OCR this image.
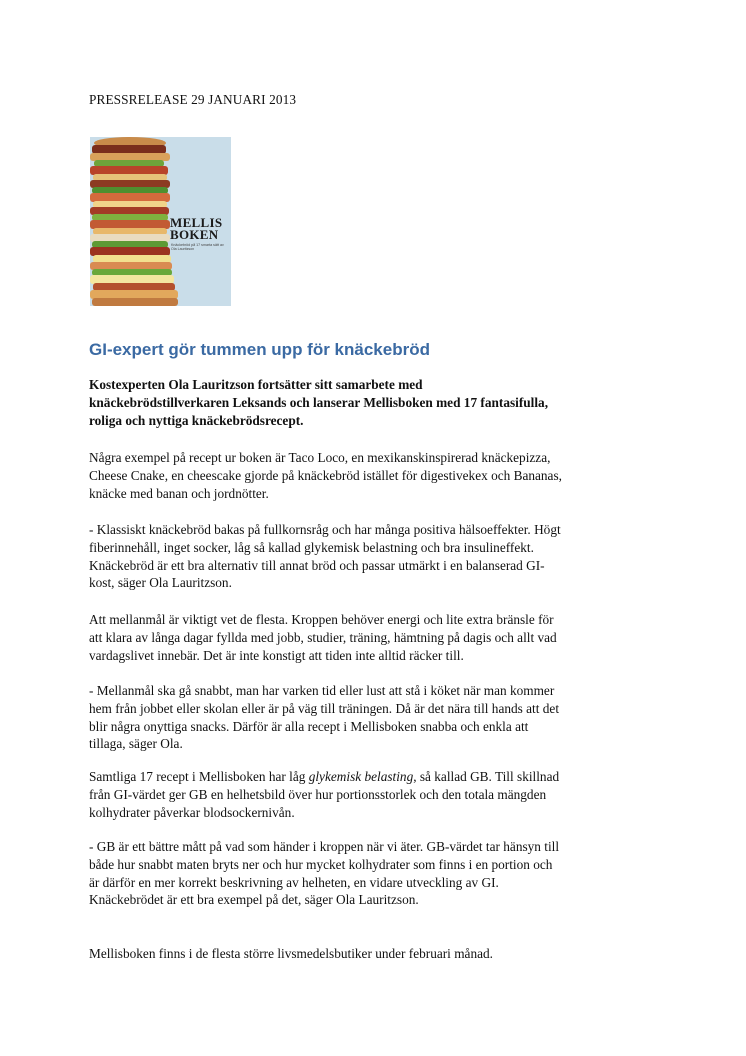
PRESSRELEASE 29 JANUARI 2013
MELLIS
BOKEN
Knäckebröd på 17 smarta sätt av Ola Lauritzson
GI-expert gör tummen upp för knäckebröd

Kostexperten Ola Lauritzson fortsätter sitt samarbete med
knäckebrödstillverkaren Leksands och lanserar Mellisboken med 17 fantasifulla,
roliga och nyttiga knäckebrödsrecept.

Några exempel på recept ur boken är Taco Loco, en mexikanskinspirerad knäckepizza,
Cheese Cnake, en cheescake gjorde på knäckebröd istället för digestivekex och Bananas,
knäcke med banan och jordnötter.

- Klassiskt knäckebröd bakas på fullkornsråg och har många positiva hälsoeffekter. Högt
fiberinnehåll, inget socker, låg så kallad glykemisk belastning och bra insulineffekt.
Knäckebröd är ett bra alternativ till annat bröd och passar utmärkt i en balanserad GI-
kost, säger Ola Lauritzson.

Att mellanmål är viktigt vet de flesta. Kroppen behöver energi och lite extra bränsle för
att klara av långa dagar fyllda med jobb, studier, träning, hämtning på dagis och allt vad
vardagslivet innebär. Det är inte konstigt att tiden inte alltid räcker till.

- Mellanmål ska gå snabbt, man har varken tid eller lust att stå i köket när man kommer
hem från jobbet eller skolan eller är på väg till träningen. Då är det nära till hands att det
blir några onyttiga snacks. Därför är alla recept i Mellisboken snabba och enkla att
tillaga, säger Ola.

Samtliga 17 recept i Mellisboken har låg glykemisk belasting, så kallad GB. Till skillnad
från GI-värdet ger GB en helhetsbild över hur portionsstorlek och den totala mängden
kolhydrater påverkar blodsockernivån.

- GB är ett bättre mått på vad som händer i kroppen när vi äter. GB-värdet tar hänsyn till
både hur snabbt maten bryts ner och hur mycket kolhydrater som finns i en portion och
är därför en mer korrekt beskrivning av helheten, en vidare utveckling av GI.
Knäckebrödet är ett bra exempel på det, säger Ola Lauritzson.

Mellisboken finns i de flesta större livsmedelsbutiker under februari månad.
